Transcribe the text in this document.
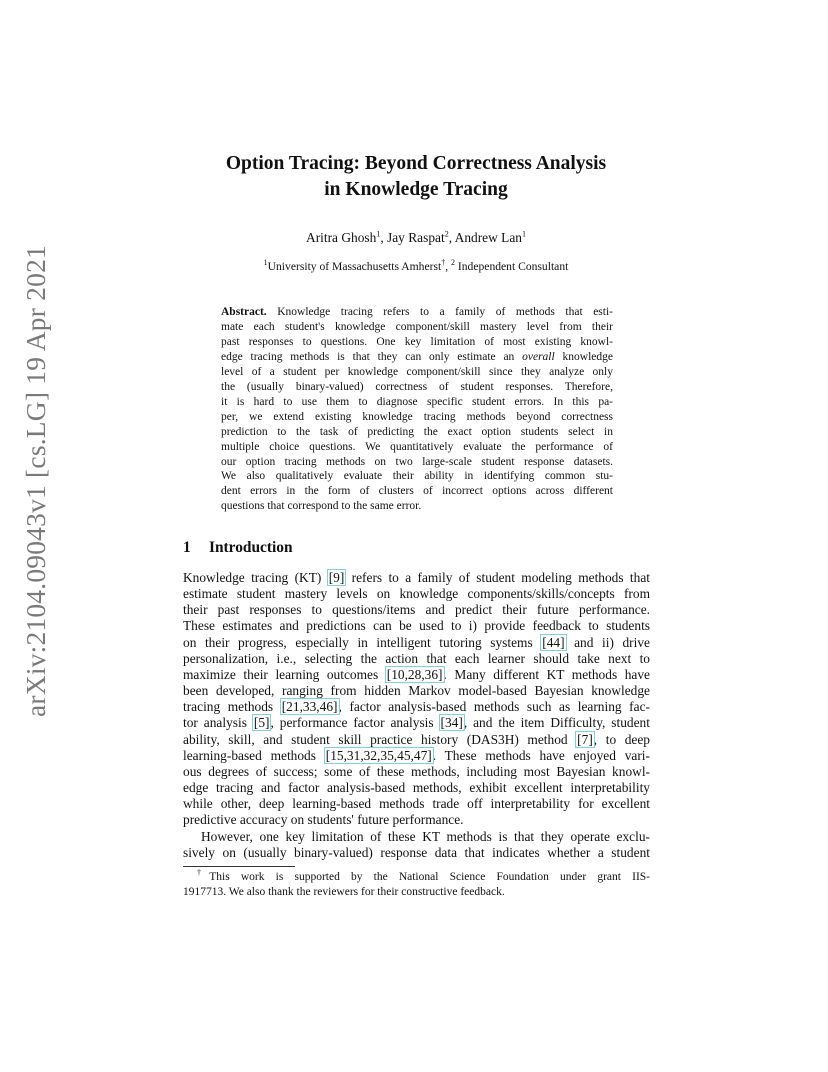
arXiv:2104.09043v1 [cs.LG] 19 Apr 2021
Option Tracing: Beyond Correctness Analysis
in Knowledge Tracing
Aritra Ghosh$^1$, Jay Raspat$^2$, Andrew Lan$^1$
$^1$University of Massachusetts Amherst†, $^2$ Independent Consultant
Abstract. Knowledge tracing refers to a family of methods that esti-
mate each student's knowledge component/skill mastery level from their
past responses to questions. One key limitation of most existing knowl-
edge tracing methods is that they can only estimate an overall knowledge
level of a student per knowledge component/skill since they analyze only
the (usually binary-valued) correctness of student responses. Therefore,
it is hard to use them to diagnose specific student errors. In this pa-
per, we extend existing knowledge tracing methods beyond correctness
prediction to the task of predicting the exact option students select in
multiple choice questions. We quantitatively evaluate the performance of
our option tracing methods on two large-scale student response datasets.
We also qualitatively evaluate their ability in identifying common stu-
dent errors in the form of clusters of incorrect options across different
questions that correspond to the same error.
1 Introduction
Knowledge tracing (KT) [9] refers to a family of student modeling methods that
estimate student mastery levels on knowledge components/skills/concepts from
their past responses to questions/items and predict their future performance.
These estimates and predictions can be used to i) provide feedback to students
on their progress, especially in intelligent tutoring systems [44] and ii) drive
personalization, i.e., selecting the action that each learner should take next to
maximize their learning outcomes [10,28,36]. Many different KT methods have
been developed, ranging from hidden Markov model-based Bayesian knowledge
tracing methods [21,33,46], factor analysis-based methods such as learning fac-
tor analysis [5], performance factor analysis [34], and the item Difficulty, student
ability, skill, and student skill practice history (DAS3H) method [7], to deep
learning-based methods [15,31,32,35,45,47]. These methods have enjoyed vari-
ous degrees of success; some of these methods, including most Bayesian knowl-
edge tracing and factor analysis-based methods, exhibit excellent interpretability
while other, deep learning-based methods trade off interpretability for excellent
predictive accuracy on students' future performance.
However, one key limitation of these KT methods is that they operate exclu-
sively on (usually binary-valued) response data that indicates whether a student
†This work is supported by the National Science Foundation under grant IIS-
1917713. We also thank the reviewers for their constructive feedback.
